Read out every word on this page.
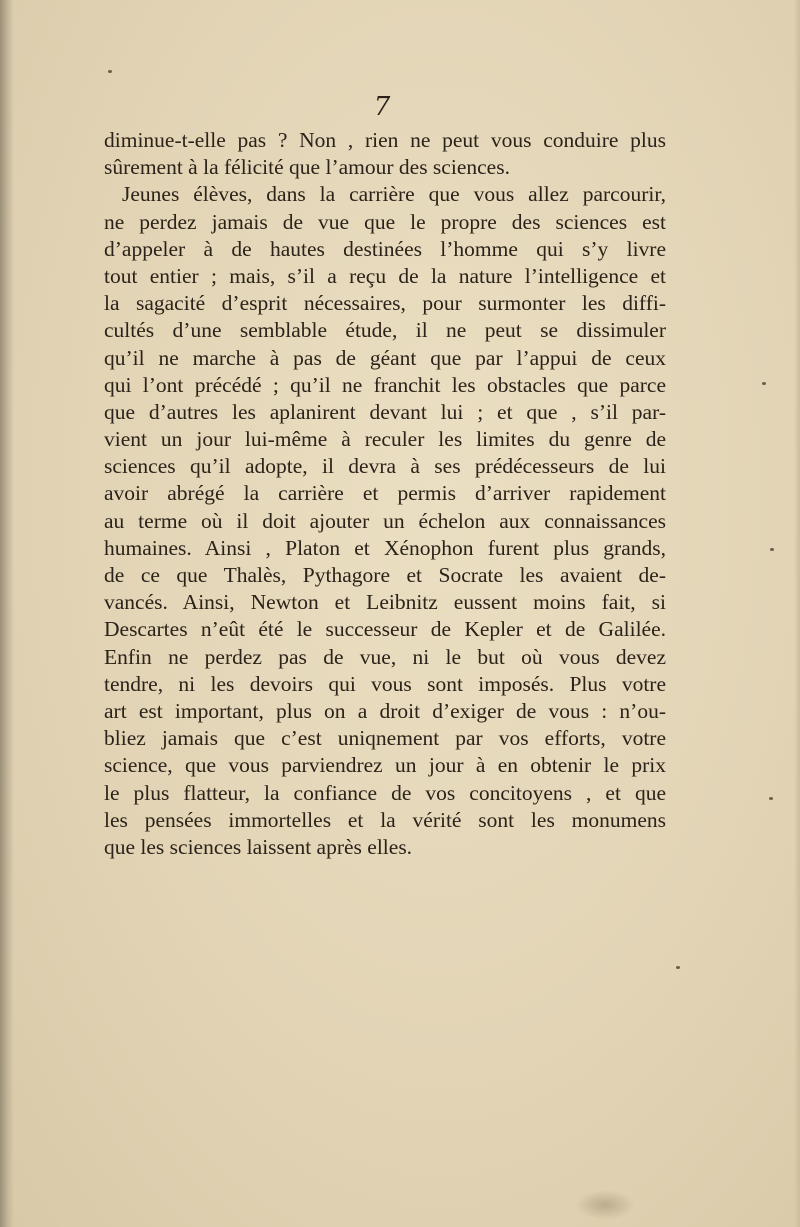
7
diminue-t-elle pas ? Non , rien ne peut vous conduire plus
sûrement à la félicité que l’amour des sciences.
Jeunes élèves, dans la carrière que vous allez parcourir,
ne perdez jamais de vue que le propre des sciences est
d’appeler à de hautes destinées l’homme qui s’y livre
tout entier ; mais, s’il a reçu de la nature l’intelligence et
la sagacité d’esprit nécessaires, pour surmonter les diffi-
cultés d’une semblable étude, il ne peut se dissimuler
qu’il ne marche à pas de géant que par l’appui de ceux
qui l’ont précédé ; qu’il ne franchit les obstacles que parce
que d’autres les aplanirent devant lui ; et que , s’il par-
vient un jour lui-même à reculer les limites du genre de
sciences qu’il adopte, il devra à ses prédécesseurs de lui
avoir abrégé la carrière et permis d’arriver rapidement
au terme où il doit ajouter un échelon aux connaissances
humaines. Ainsi , Platon et Xénophon furent plus grands,
de ce que Thalès, Pythagore et Socrate les avaient de-
vancés. Ainsi, Newton et Leibnitz eussent moins fait, si
Descartes n’eût été le successeur de Kepler et de Galilée.
Enfin ne perdez pas de vue, ni le but où vous devez
tendre, ni les devoirs qui vous sont imposés. Plus votre
art est important, plus on a droit d’exiger de vous : n’ou-
bliez jamais que c’est uniqnement par vos efforts, votre
science, que vous parviendrez un jour à en obtenir le prix
le plus flatteur, la confiance de vos concitoyens , et que
les pensées immortelles et la vérité sont les monumens
que les sciences laissent après elles.
